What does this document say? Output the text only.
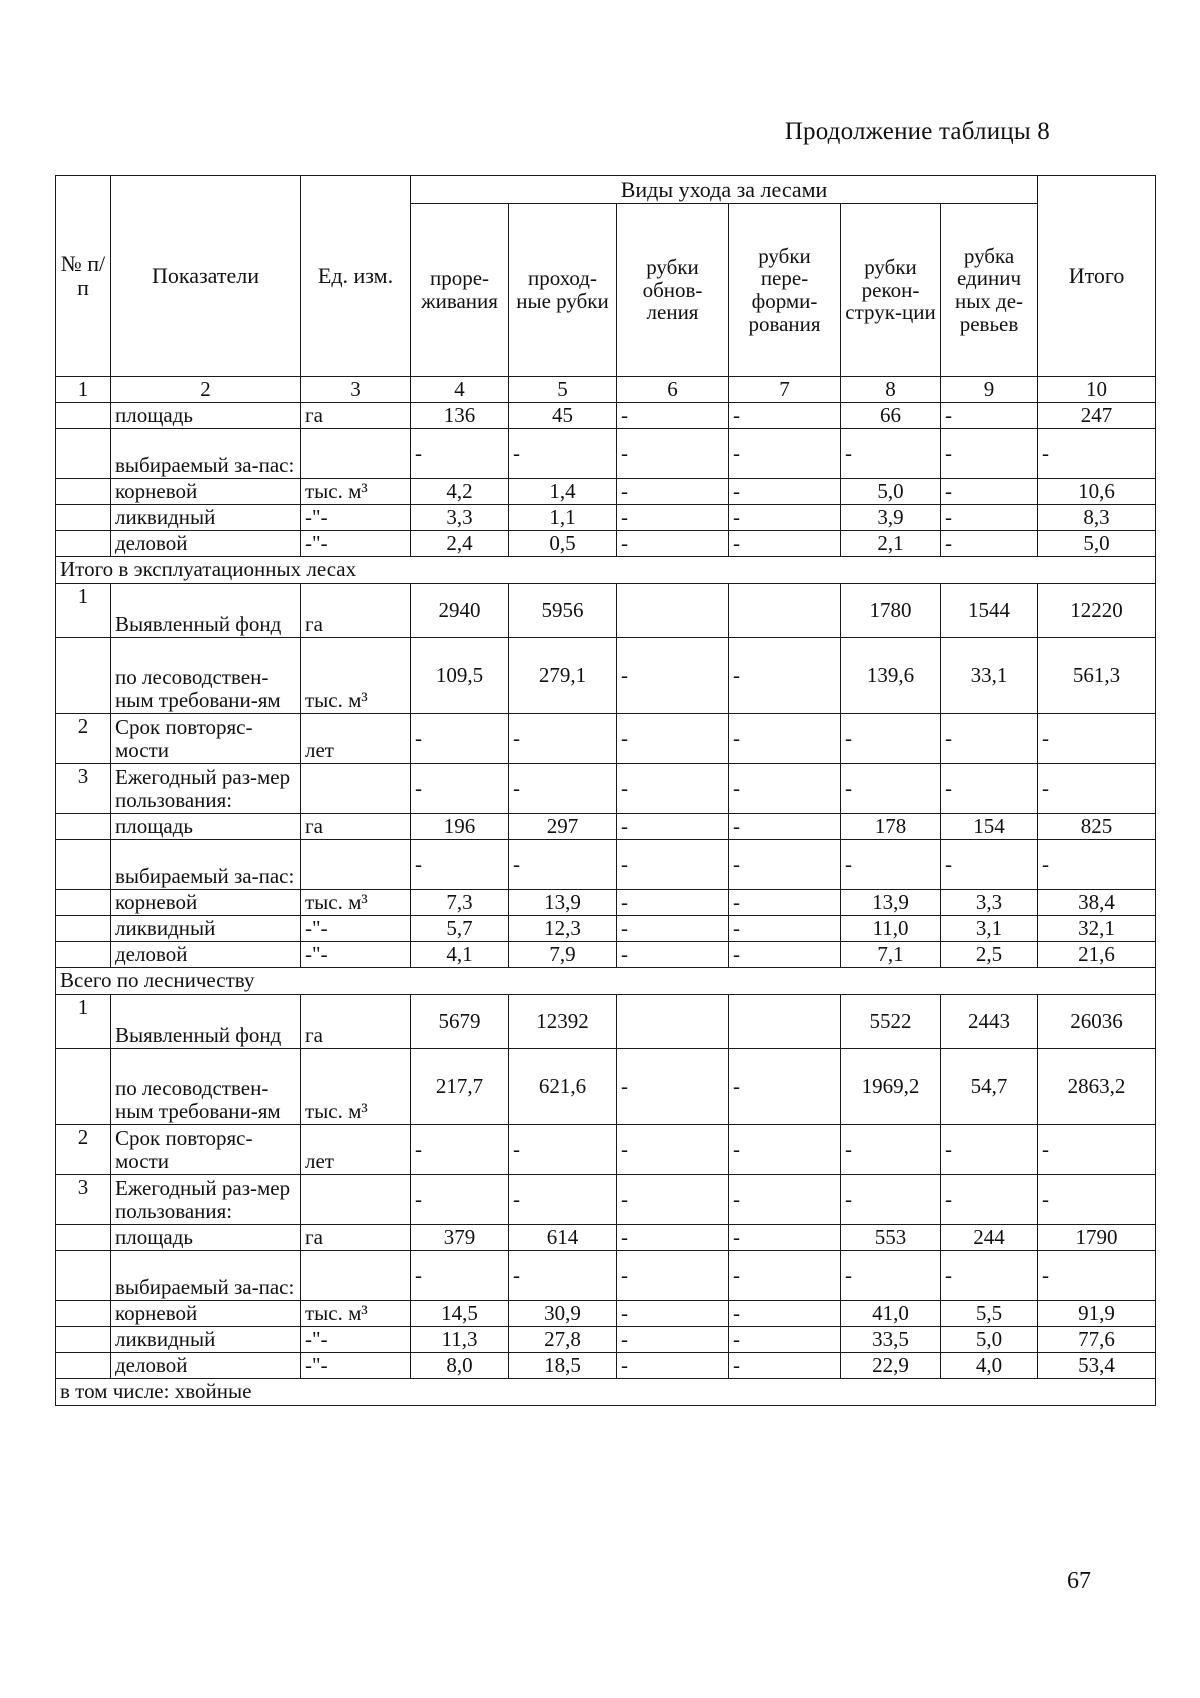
Продолжение таблицы 8
№ п/п	Показатели	Ед. изм.	Виды ухода за лесами						Итого
			проре-живания	проход-ные рубки	рубки обнов-ления	рубки пере-форми-рования	рубки рекон-струк-ции	рубка единич ных де-ревьев	
1	2	3	4	5	6	7	8	9	10
	площадь	га	136	45	-	-	66	-	247
	выбираемый за-пас:		-	-	-	-	-	-	-
	корневой	тыс. м³	4,2	1,4	-	-	5,0	-	10,6
	ликвидный	-"-	3,3	1,1	-	-	3,9	-	8,3
	деловой	-"-	2,4	0,5	-	-	2,1	-	5,0
Итого в эксплуатационных лесах									
1	Выявленный фонд	га	2940	5956			1780	1544	12220
	по лесоводствен-ным требовани-ям	тыс. м³	109,5	279,1	-	-	139,6	33,1	561,3
2	Срок повторяс-мости	лет	-	-	-	-	-	-	-
3	Ежегодный раз-мер пользования:		-	-	-	-	-	-	-
	площадь	га	196	297	-	-	178	154	825
	выбираемый за-пас:		-	-	-	-	-	-	-
	корневой	тыс. м³	7,3	13,9	-	-	13,9	3,3	38,4
	ликвидный	-"-	5,7	12,3	-	-	11,0	3,1	32,1
	деловой	-"-	4,1	7,9	-	-	7,1	2,5	21,6
Всего по лесничеству									
1	Выявленный фонд	га	5679	12392			5522	2443	26036
	по лесоводствен-ным требовани-ям	тыс. м³	217,7	621,6	-	-	1969,2	54,7	2863,2
2	Срок повторяс-мости	лет	-	-	-	-	-	-	-
3	Ежегодный раз-мер пользования:		-	-	-	-	-	-	-
	площадь	га	379	614	-	-	553	244	1790
	выбираемый за-пас:		-	-	-	-	-	-	-
	корневой	тыс. м³	14,5	30,9	-	-	41,0	5,5	91,9
	ликвидный	-"-	11,3	27,8	-	-	33,5	5,0	77,6
	деловой	-"-	8,0	18,5	-	-	22,9	4,0	53,4
в том числе: хвойные									
67
